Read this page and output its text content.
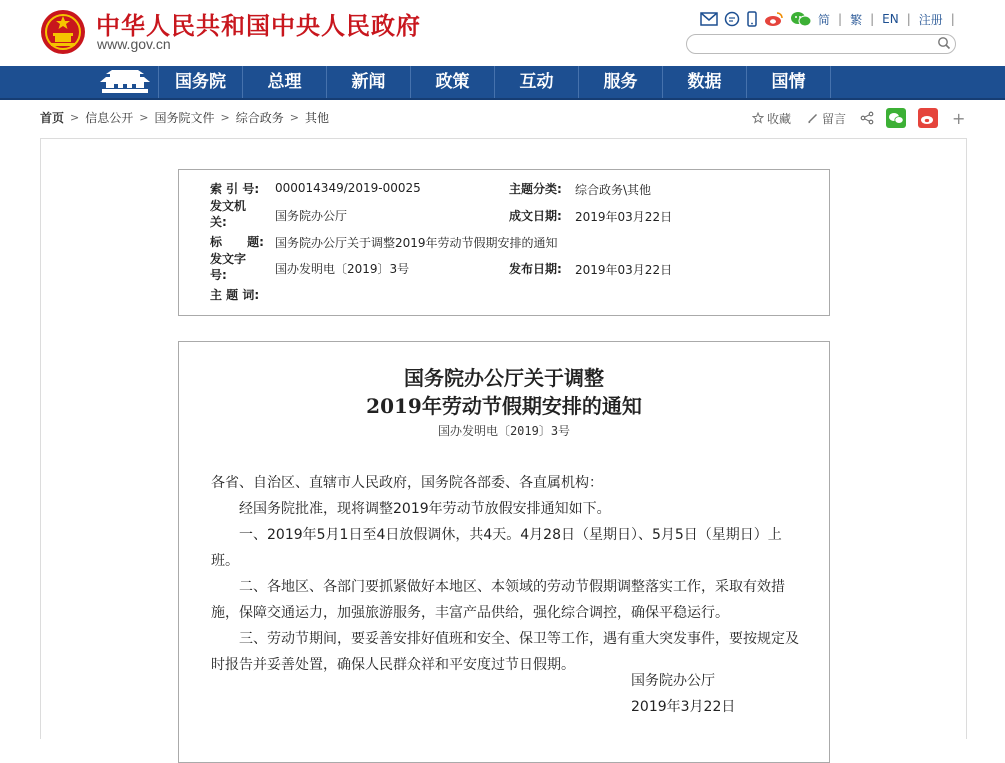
中华人民共和国中央人民政府
www.gov.cn
简 | 繁 | EN | 注册 |
国务院	总理	新闻	政策	互动	服务	数据	国情
首页 > 信息公开 > 国务院文件 > 综合政务 > 其他	收藏	留言	+
索 引 号: 000014349/2019-00025	主题分类: 综合政务\其他
发文机
关:	国务院办公厅	成文日期: 2019年03月22日
标      题: 国务院办公厅关于调整2019年劳动节假期安排的通知
发文字
号:	国办发明电〔2019〕3号	发布日期: 2019年03月22日
主 题 词:
国务院办公厅关于调整
2019年劳动节假期安排的通知
国办发明电〔2019〕3号

各省、自治区、直辖市人民政府，国务院各部委、各直属机构：

经国务院批准，现将调整2019年劳动节放假安排通知如下。

一、2019年5月1日至4日放假调休，共4天。4月28日（星期日）、5月5日（星期日）上班。

二、各地区、各部门要抓紧做好本地区、本领域的劳动节假期调整落实工作，采取有效措施，保障交通运力，加强旅游服务，丰富产品供给，强化综合调控，确保平稳运行。

三、劳动节期间，要妥善安排好值班和安全、保卫等工作，遇有重大突发事件，要按规定及时报告并妥善处置，确保人民群众祥和平安度过节日假期。

国务院办公厅
2019年3月22日
